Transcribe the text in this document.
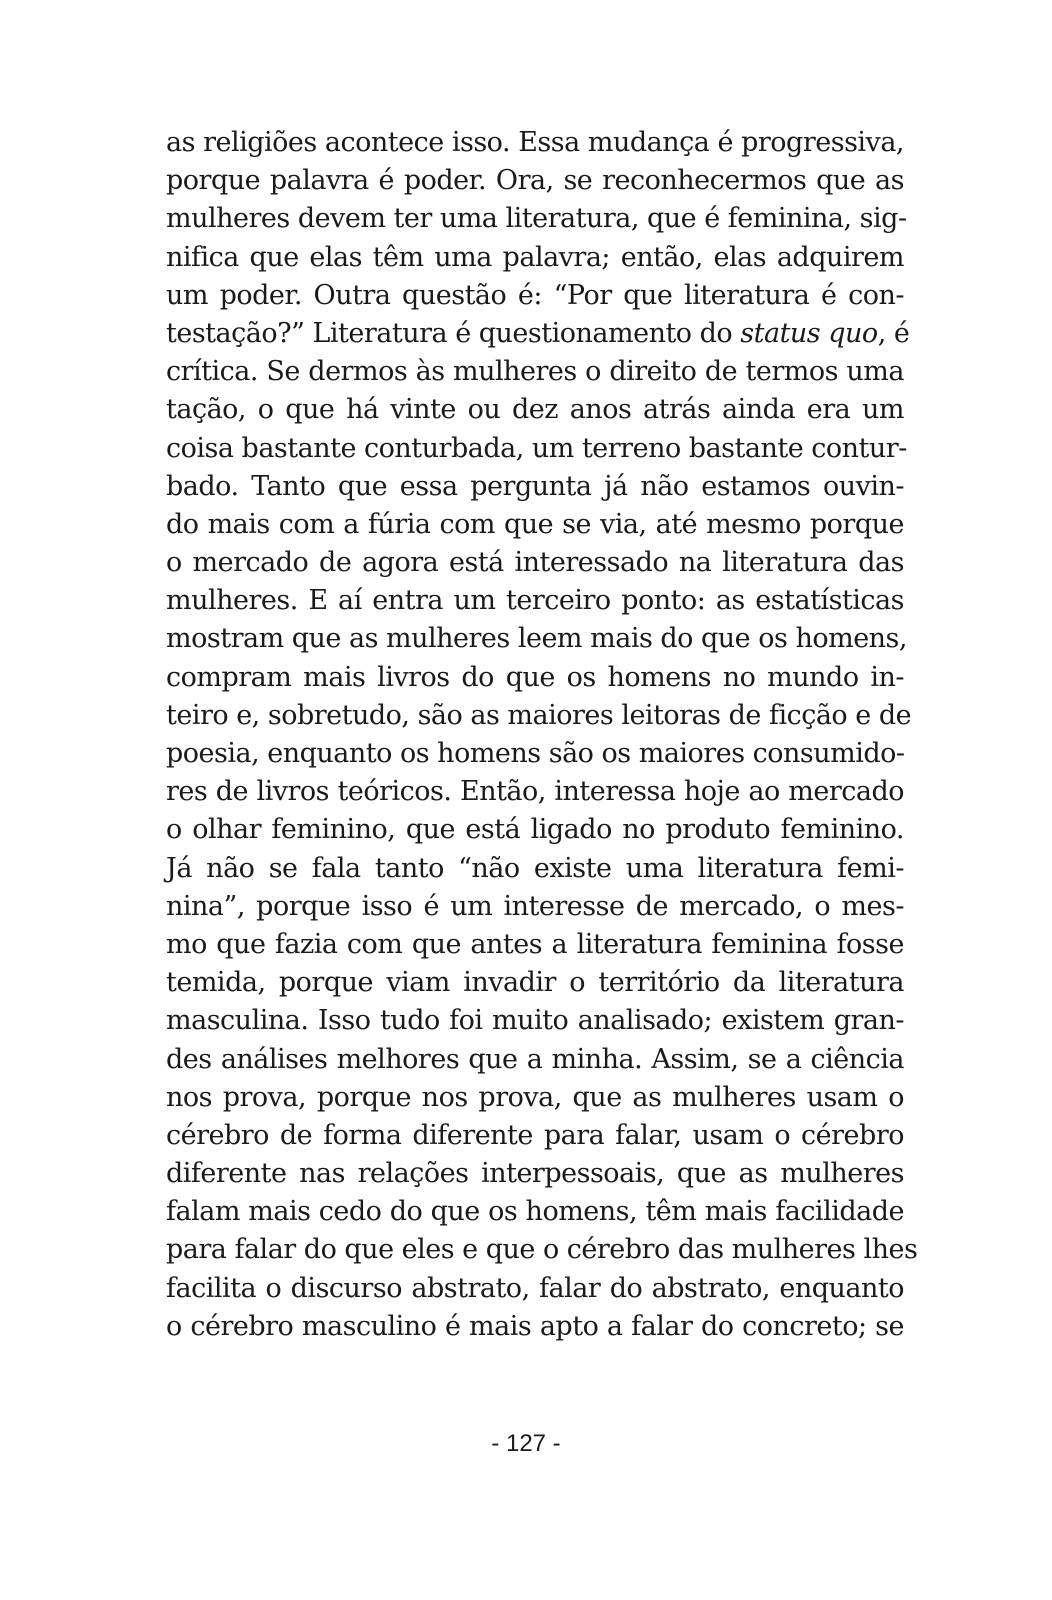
as religiões acontece isso. Essa mudança é progressiva,
porque palavra é poder. Ora, se reconhecermos que as
mulheres devem ter uma literatura, que é feminina, sig-
nifica que elas têm uma palavra; então, elas adquirem
um poder. Outra questão é: “Por que literatura é con-
testação?” Literatura é questionamento do status quo, é
crítica. Se dermos às mulheres o direito de termos uma
tação, o que há vinte ou dez anos atrás ainda era um
coisa bastante conturbada, um terreno bastante contur-
bado. Tanto que essa pergunta já não estamos ouvin-
do mais com a fúria com que se via, até mesmo porque
o mercado de agora está interessado na literatura das
mulheres. E aí entra um terceiro ponto: as estatísticas
mostram que as mulheres leem mais do que os homens,
compram mais livros do que os homens no mundo in-
teiro e, sobretudo, são as maiores leitoras de ficção e de
poesia, enquanto os homens são os maiores consumido-
res de livros teóricos. Então, interessa hoje ao mercado
o olhar feminino, que está ligado no produto feminino.
Já não se fala tanto “não existe uma literatura femi-
nina”, porque isso é um interesse de mercado, o mes-
mo que fazia com que antes a literatura feminina fosse
temida, porque viam invadir o território da literatura
masculina. Isso tudo foi muito analisado; existem gran-
des análises melhores que a minha. Assim, se a ciência
nos prova, porque nos prova, que as mulheres usam o
cérebro de forma diferente para falar, usam o cérebro
diferente nas relações interpessoais, que as mulheres
falam mais cedo do que os homens, têm mais facilidade
para falar do que eles e que o cérebro das mulheres lhes
facilita o discurso abstrato, falar do abstrato, enquanto
o cérebro masculino é mais apto a falar do concreto; se
- 127 -
